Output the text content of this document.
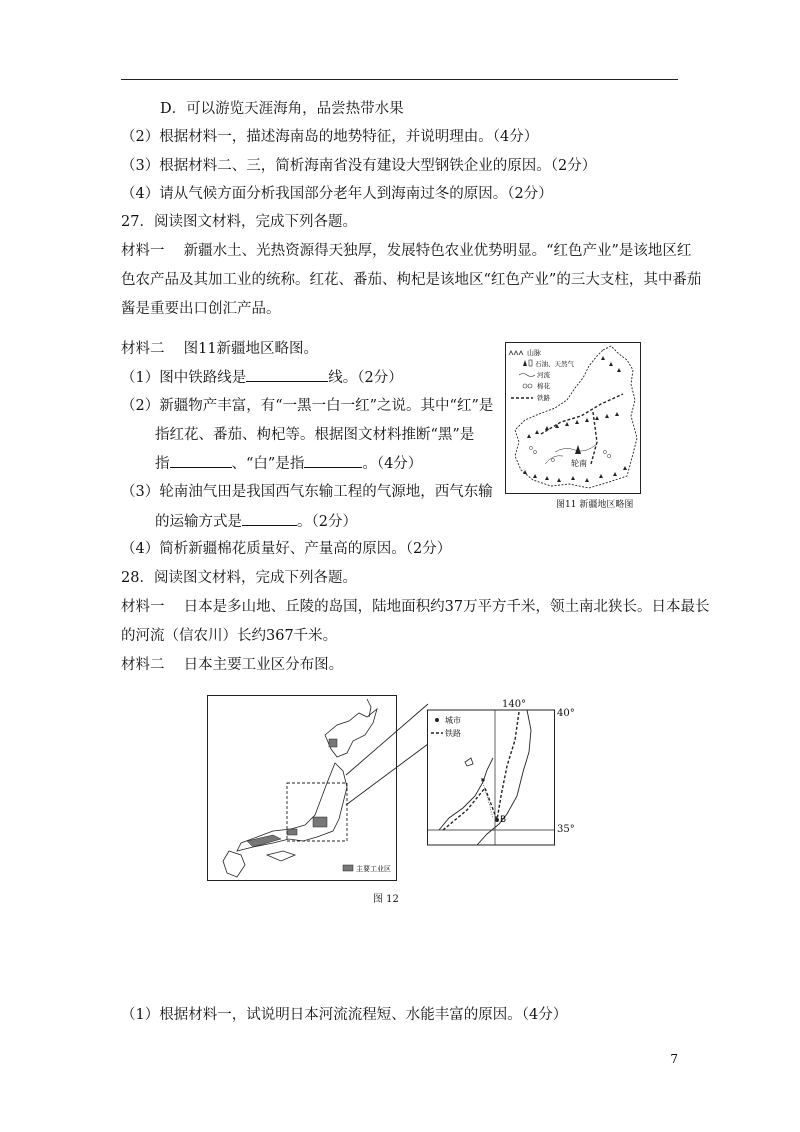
D．可以游览天涯海角，品尝热带水果
（2）根据材料一，描述海南岛的地势特征，并说明理由。（4分）
（3）根据材料二、三，简析海南省没有建设大型钢铁企业的原因。（2分）
（4）请从气候方面分析我国部分老年人到海南过冬的原因。（2分）
27．阅读图文材料，完成下列各题。
材料一　 新疆水土、光热资源得天独厚，发展特色农业优势明显。“红色产业”是该地区红
色农产品及其加工业的统称。红花、番茄、枸杞是该地区“红色产业”的三大支柱，其中番茄
酱是重要出口创汇产品。
材料二　 图11新疆地区略图。
（1）图中铁路线是	线。（2分）
（2）新疆物产丰富，有“一黑一白一红”之说。其中“红”是
指红花、番茄、枸杞等。根据图文材料推断“黑”是
指	、“白”是指	。（4分）
（3）轮南油气田是我国西气东输工程的气源地，西气东输
的运输方式是	。（2分）
（4）简析新疆棉花质量好、产量高的原因。（2分）
28．阅读图文材料，完成下列各题。
材料一　 日本是多山地、丘陵的岛国，陆地面积约37万平方千米，领土南北狭长。日本最长
的河流（信农川）长约367千米。
材料二　 日本主要工业区分布图。
山脉
石油、天然气
河流
棉花
铁路
轮南
图11 新疆地区略图
主要工业区
城市
铁路
B
140°
40°
35°
图 12
（1）根据材料一，试说明日本河流流程短、水能丰富的原因。（4分）
7
